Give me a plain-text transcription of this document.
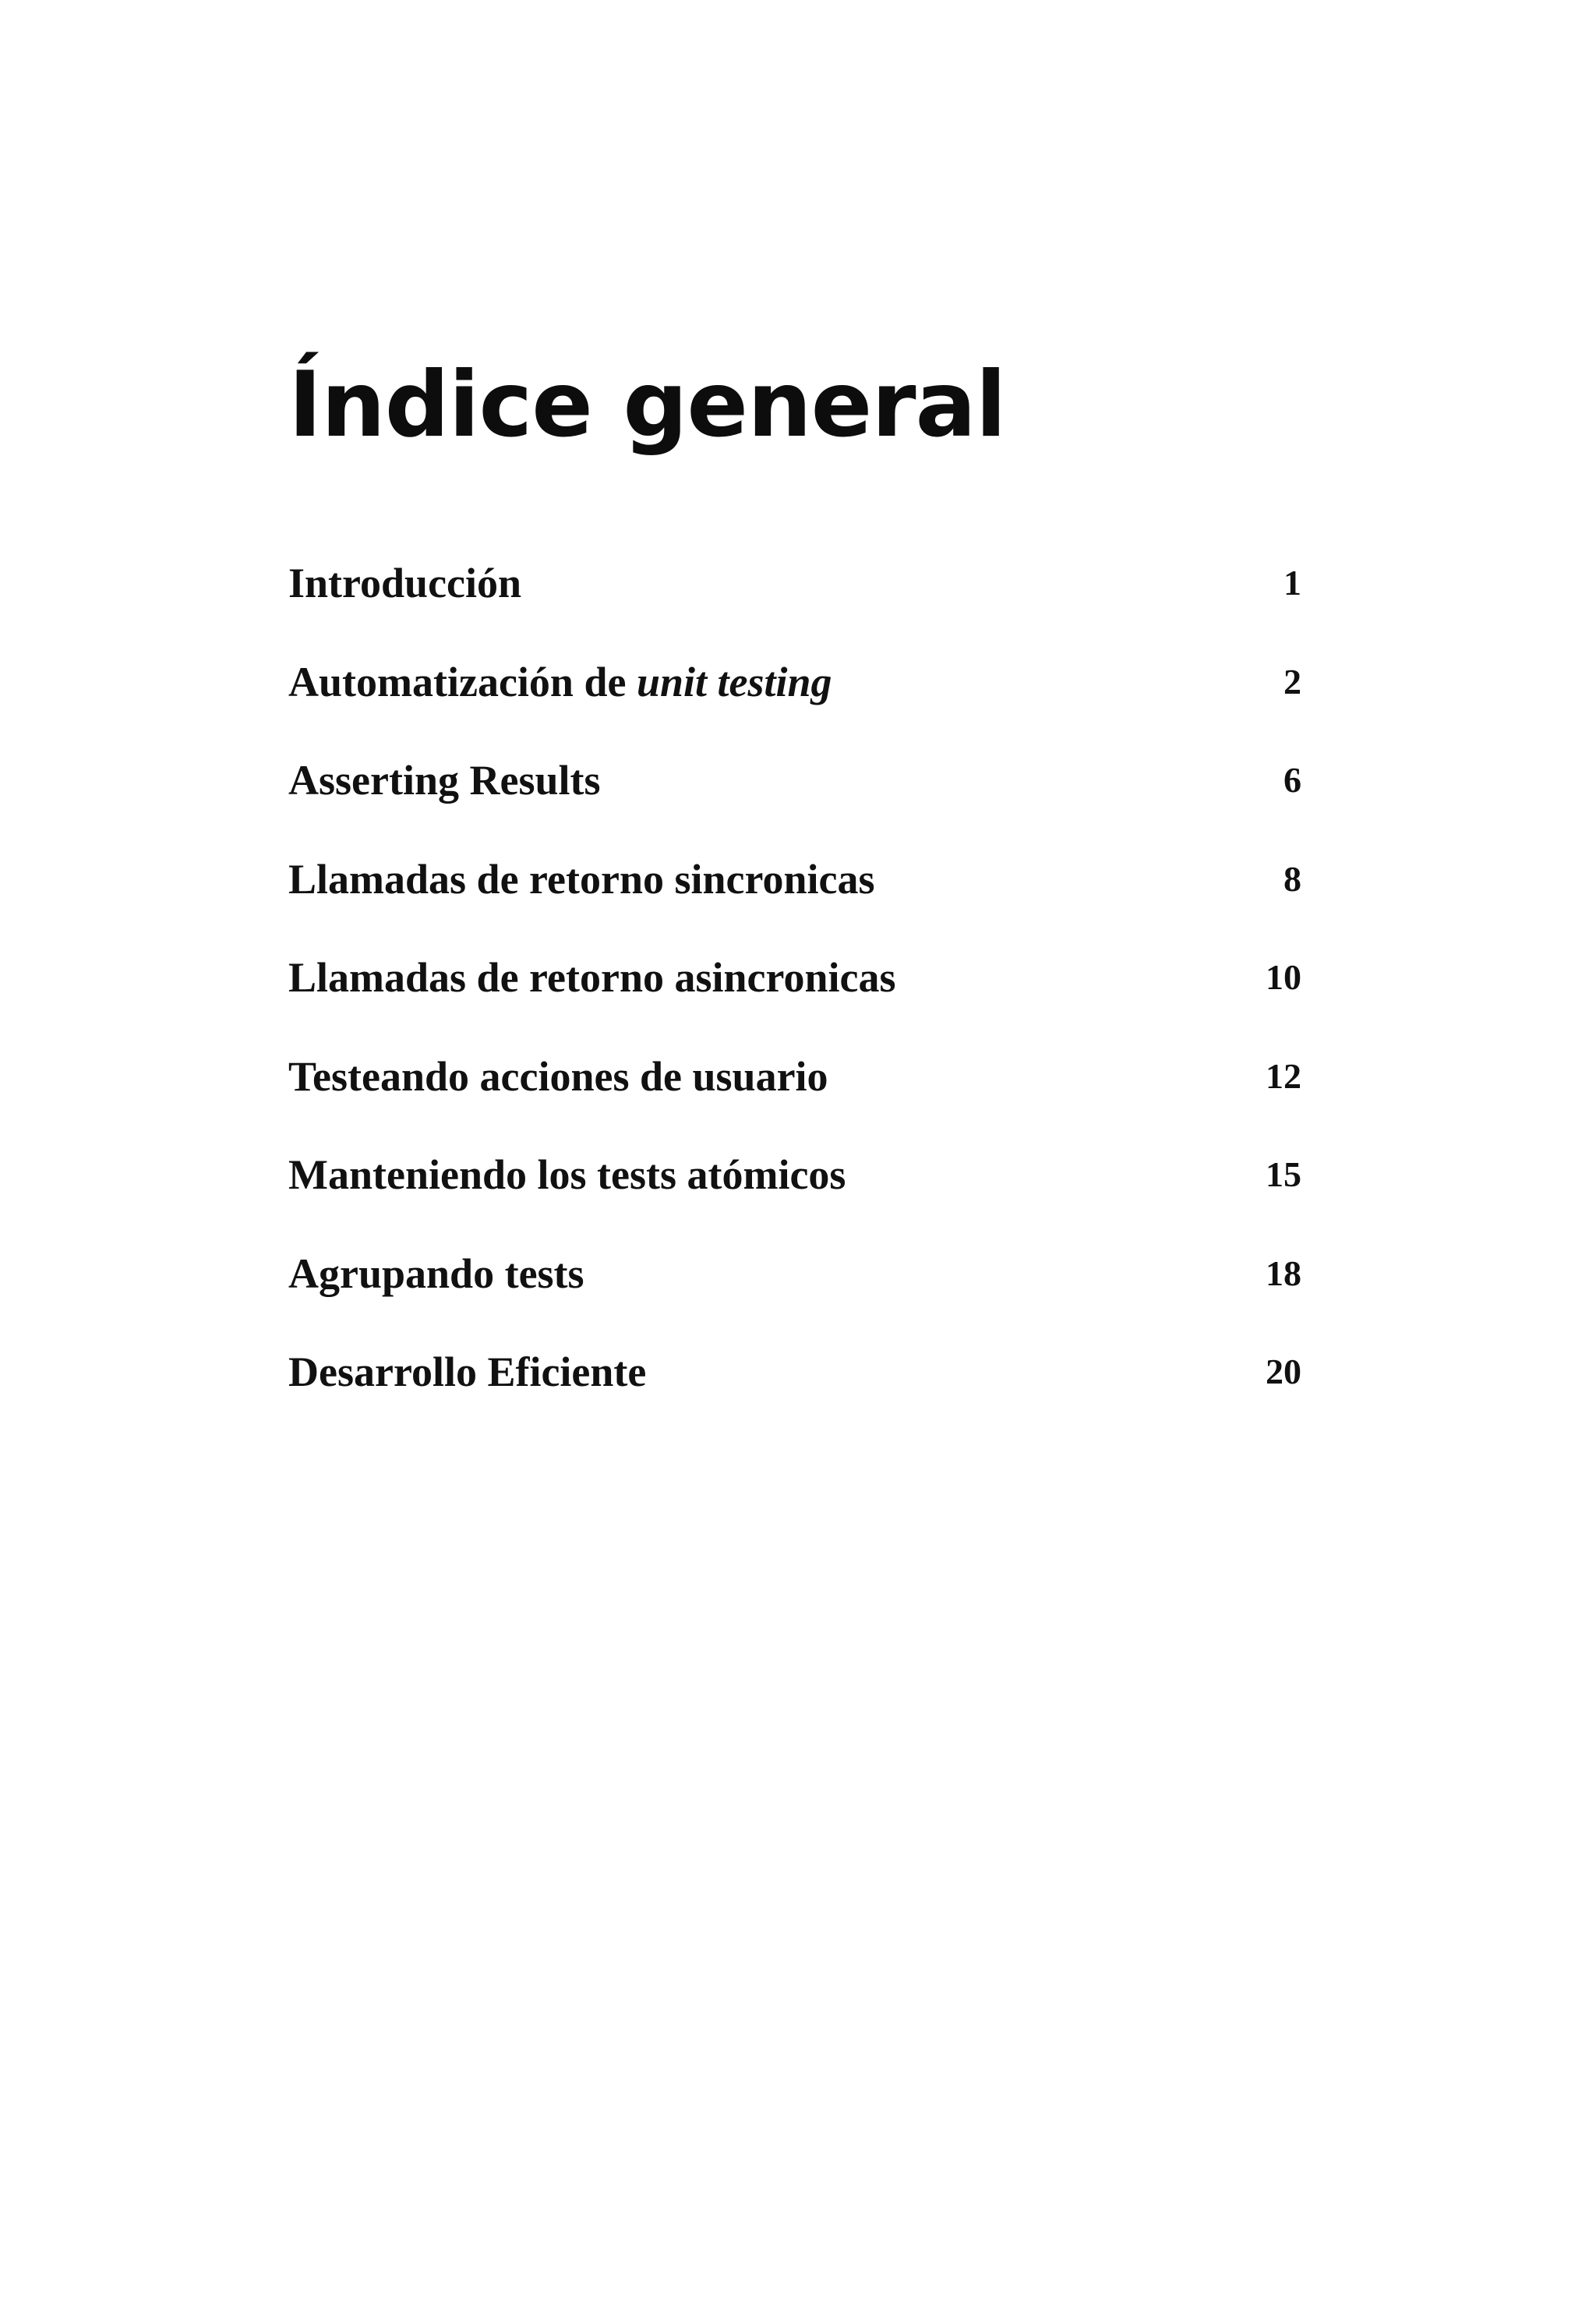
Índice general
Introducción	1
Automatización de unit testing	2
Asserting Results	6
Llamadas de retorno sincronicas	8
Llamadas de retorno asincronicas	10
Testeando acciones de usuario	12
Manteniendo los tests atómicos	15
Agrupando tests	18
Desarrollo Eficiente	20
